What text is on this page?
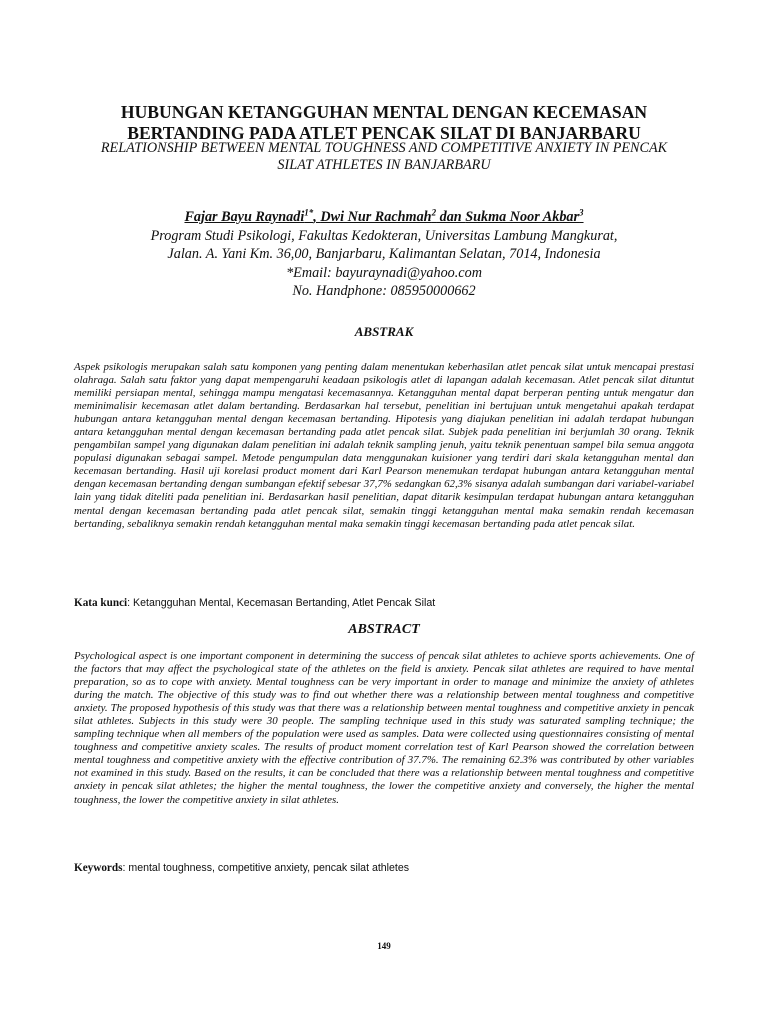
HUBUNGAN KETANGGUHAN MENTAL DENGAN KECEMASAN
BERTANDING PADA ATLET PENCAK SILAT DI BANJARBARU
RELATIONSHIP BETWEEN MENTAL TOUGHNESS AND COMPETITIVE ANXIETY IN PENCAK
SILAT ATHLETES IN BANJARBARU
Fajar Bayu Raynadi$^{1*}$, Dwi Nur Rachmah$^2$ dan Sukma Noor Akbar$^3$
Program Studi Psikologi, Fakultas Kedokteran, Universitas Lambung Mangkurat,
Jalan. A. Yani Km. 36,00, Banjarbaru, Kalimantan Selatan, 7014, Indonesia
*Email: bayuraynadi@yahoo.com
No. Handphone: 085950000662
ABSTRAK
Aspek psikologis merupakan salah satu komponen yang penting dalam menentukan keberhasilan atlet pencak silat untuk mencapai prestasi olahraga. Salah satu faktor yang dapat mempengaruhi keadaan psikologis atlet di lapangan adalah kecemasan. Atlet pencak silat dituntut memiliki persiapan mental, sehingga mampu mengatasi kecemasannya. Ketangguhan mental dapat berperan penting untuk mengatur dan meminimalisir kecemasan atlet dalam bertanding. Berdasarkan hal tersebut, penelitian ini bertujuan untuk mengetahui apakah terdapat hubungan antara ketangguhan mental dengan kecemasan bertanding. Hipotesis yang diajukan penelitian ini adalah terdapat hubungan antara ketangguhan mental dengan kecemasan bertanding pada atlet pencak silat. Subjek pada penelitian ini berjumlah 30 orang. Teknik pengambilan sampel yang digunakan dalam penelitian ini adalah teknik sampling jenuh, yaitu teknik penentuan sampel bila semua anggota populasi digunakan sebagai sampel. Metode pengumpulan data menggunakan kuisioner yang terdiri dari skala ketangguhan mental dan kecemasan bertanding. Hasil uji korelasi product moment dari Karl Pearson menemukan terdapat hubungan antara ketangguhan mental dengan kecemasan bertanding dengan sumbangan efektif sebesar 37,7% sedangkan 62,3% sisanya adalah sumbangan dari variabel-variabel lain yang tidak diteliti pada penelitian ini. Berdasarkan hasil penelitian, dapat ditarik kesimpulan terdapat hubungan antara ketangguhan mental dengan kecemasan bertanding pada atlet pencak silat, semakin tinggi ketangguhan mental maka semakin rendah kecemasan bertanding, sebaliknya semakin rendah ketangguhan mental maka semakin tinggi kecemasan bertanding pada atlet pencak silat.
Kata kunci: Ketangguhan Mental, Kecemasan Bertanding, Atlet Pencak Silat
ABSTRACT
Psychological aspect is one important component in determining the success of pencak silat athletes to achieve sports achievements. One of the factors that may affect the psychological state of the athletes on the field is anxiety. Pencak silat athletes are required to have mental preparation, so as to cope with anxiety. Mental toughness can be very important in order to manage and minimize the anxiety of athletes during the match. The objective of this study was to find out whether there was a relationship between mental toughness and competitive anxiety. The proposed hypothesis of this study was that there was a relationship between mental toughness and competitive anxiety in pencak silat athletes. Subjects in this study were 30 people. The sampling technique used in this study was saturated sampling technique; the sampling technique when all members of the population were used as samples. Data were collected using questionnaires consisting of mental toughness and competitive anxiety scales. The results of product moment correlation test of Karl Pearson showed the correlation between mental toughness and competitive anxiety with the effective contribution of 37.7%. The remaining 62.3% was contributed by other variables not examined in this study. Based on the results, it can be concluded that there was a relationship between mental toughness and competitive anxiety in pencak silat athletes; the higher the mental toughness, the lower the competitive anxiety and conversely, the higher the mental toughness, the lower the competitive anxiety in silat athletes.
Keywords: mental toughness, competitive anxiety, pencak silat athletes
149
